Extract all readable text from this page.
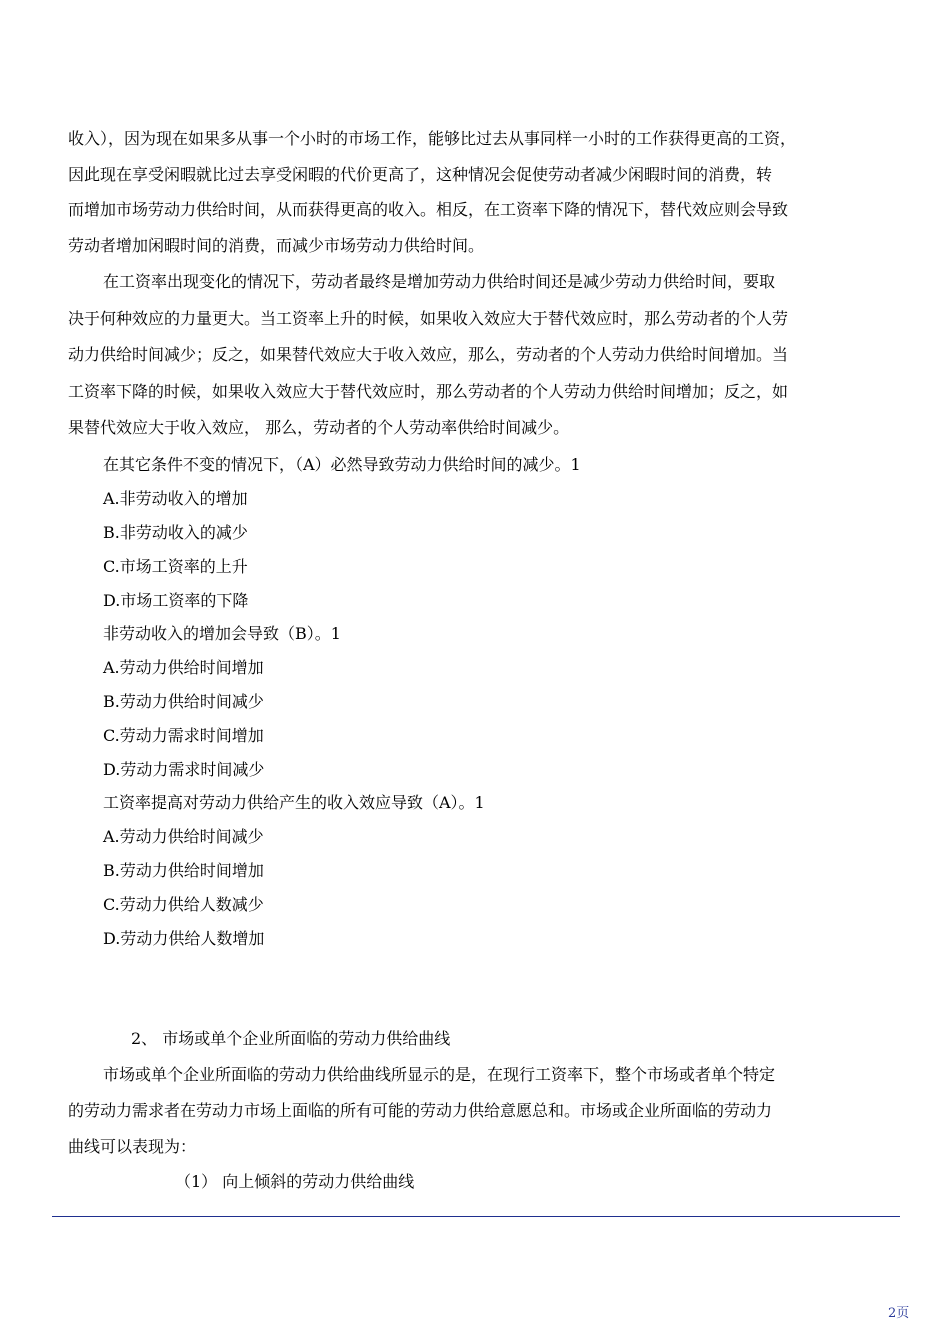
收入），因为现在如果多从事一个小时的市场工作，能够比过去从事同样一小时的工作获得更高的工资，
因此现在享受闲暇就比过去享受闲暇的代价更高了，这种情况会促使劳动者减少闲暇时间的消费，转
而增加市场劳动力供给时间，从而获得更高的收入。相反，在工资率下降的情况下，替代效应则会导致
劳动者增加闲暇时间的消费，而减少市场劳动力供给时间。
在工资率出现变化的情况下，劳动者最终是增加劳动力供给时间还是减少劳动力供给时间，要取
决于何种效应的力量更大。当工资率上升的时候，如果收入效应大于替代效应时，那么劳动者的个人劳
动力供给时间减少；反之，如果替代效应大于收入效应，那么，劳动者的个人劳动力供给时间增加。当
工资率下降的时候，如果收入效应大于替代效应时，那么劳动者的个人劳动力供给时间增加；反之，如
果替代效应大于收入效应， 那么，劳动者的个人劳动率供给时间减少。
在其它条件不变的情况下，（A）必然导致劳动力供给时间的减少。1
A.非劳动收入的增加
B.非劳动收入的减少
C.市场工资率的上升
D.市场工资率的下降
非劳动收入的增加会导致（B）。1
A.劳动力供给时间增加
B.劳动力供给时间减少
C.劳动力需求时间增加
D.劳动力需求时间减少
工资率提高对劳动力供给产生的收入效应导致（A）。1
A.劳动力供给时间减少
B.劳动力供给时间增加
C.劳动力供给人数减少
D.劳动力供给人数增加
2、 市场或单个企业所面临的劳动力供给曲线
市场或单个企业所面临的劳动力供给曲线所显示的是，在现行工资率下，整个市场或者单个特定
的劳动力需求者在劳动力市场上面临的所有可能的劳动力供给意愿总和。市场或企业所面临的劳动力
曲线可以表现为：
（1） 向上倾斜的劳动力供给曲线
2页
